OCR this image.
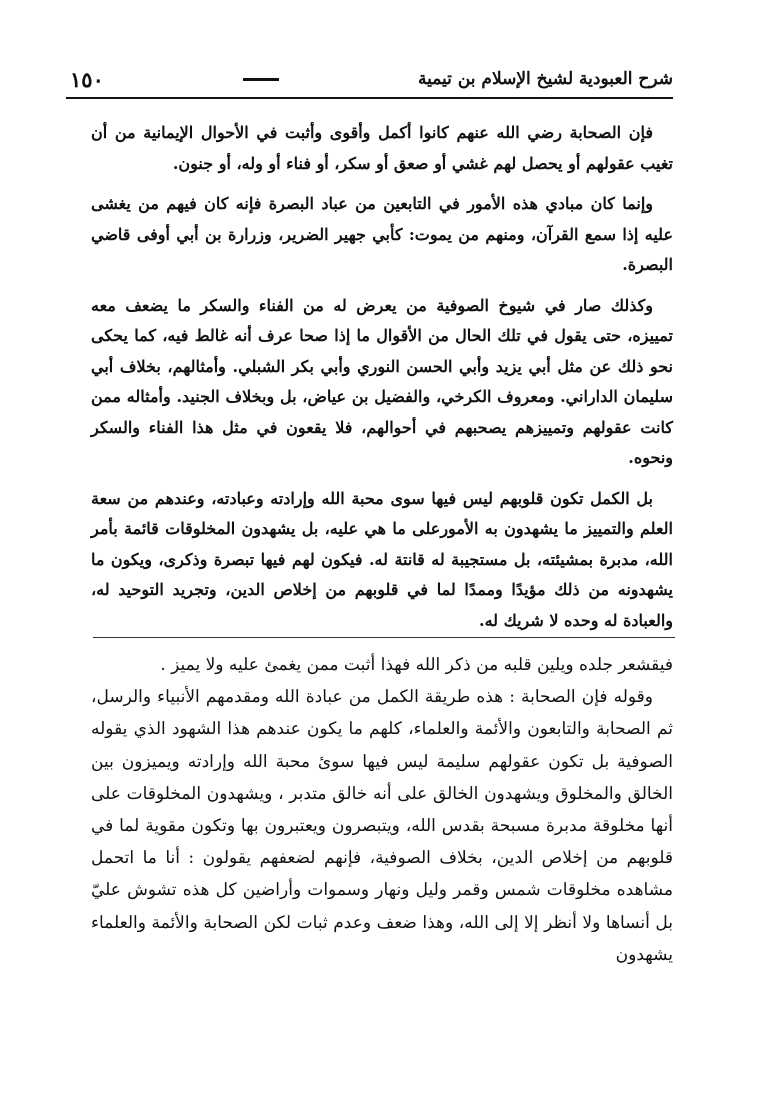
شرح العبودية لشيخ الإسلام بن تيمية
١٥٠

فإن الصحابة رضي الله عنهم كانوا أكمل وأقوى وأثبت في الأحوال الإيمانية من أن تغيب عقولهم أو يحصل لهم غشي أو صعق أو سكر، أو فناء أو وله، أو جنون.

وإنما كان مبادي هذه الأمور في التابعين من عباد البصرة فإنه كان فيهم من يغشى عليه إذا سمع القرآن، ومنهم من يموت: كأبي جهير الضرير، وزرارة بن أبي أوفى قاضي البصرة.

وكذلك صار في شيوخ الصوفية من يعرض له من الفناء والسكر ما يضعف معه تمييزه، حتى يقول في تلك الحال من الأقوال ما إذا صحا عرف أنه غالط فيه، كما يحكى نحو ذلك عن مثل أبي يزيد وأبي الحسن النوري وأبي بكر الشبلي. وأمثالهم، بخلاف أبي سليمان الداراني. ومعروف الكرخي، والفضيل بن عياض، بل وبخلاف الجنيد. وأمثاله ممن كانت عقولهم وتمييزهم يصحبهم في أحوالهم، فلا يقعون في مثل هذا الفناء والسكر ونحوه.

بل الكمل تكون قلوبهم ليس فيها سوى محبة الله وإرادته وعبادته، وعندهم من سعة العلم والتمييز ما يشهدون به الأمورعلى ما هي عليه، بل يشهدون المخلوقات قائمة بأمر الله، مدبرة بمشيئته، بل مستجيبة له قانتة له. فيكون لهم فيها تبصرة وذكرى، ويكون ما يشهدونه من ذلك مؤيدًا وممدًا لما في قلوبهم من إخلاص الدين، وتجريد التوحيد له، والعبادة له وحده لا شريك له.

فيقشعر جلده ويلين قلبه من ذكر الله فهذا أثبت ممن يغمئ عليه ولا يميز .

وقوله فإن الصحابة : هذه طريقة الكمل من عبادة الله ومقدمهم الأنبياء والرسل، ثم الصحابة والتابعون والأئمة والعلماء، كلهم ما يكون عندهم هذا الشهود الذي يقوله الصوفية بل تكون عقولهم سليمة ليس فيها سوئ محبة الله وإرادته ويميزون بين الخالق والمخلوق ويشهدون الخالق على أنه خالق متدبر ، ويشهدون المخلوقات على أنها مخلوقة مدبرة مسبحة بقدس الله، ويتبصرون ويعتبرون بها وتكون مقوية لما في قلوبهم من إخلاص الدين، بخلاف الصوفية، فإنهم لضعفهم يقولون : أنا ما اتحمل مشاهده مخلوقات شمس وقمر وليل ونهار وسموات وأراضين كل هذه تشوش عليّ بل أنساها ولا أنظر إلا إلى الله، وهذا ضعف وعدم ثبات لكن الصحابة والأئمة والعلماء يشهدون
